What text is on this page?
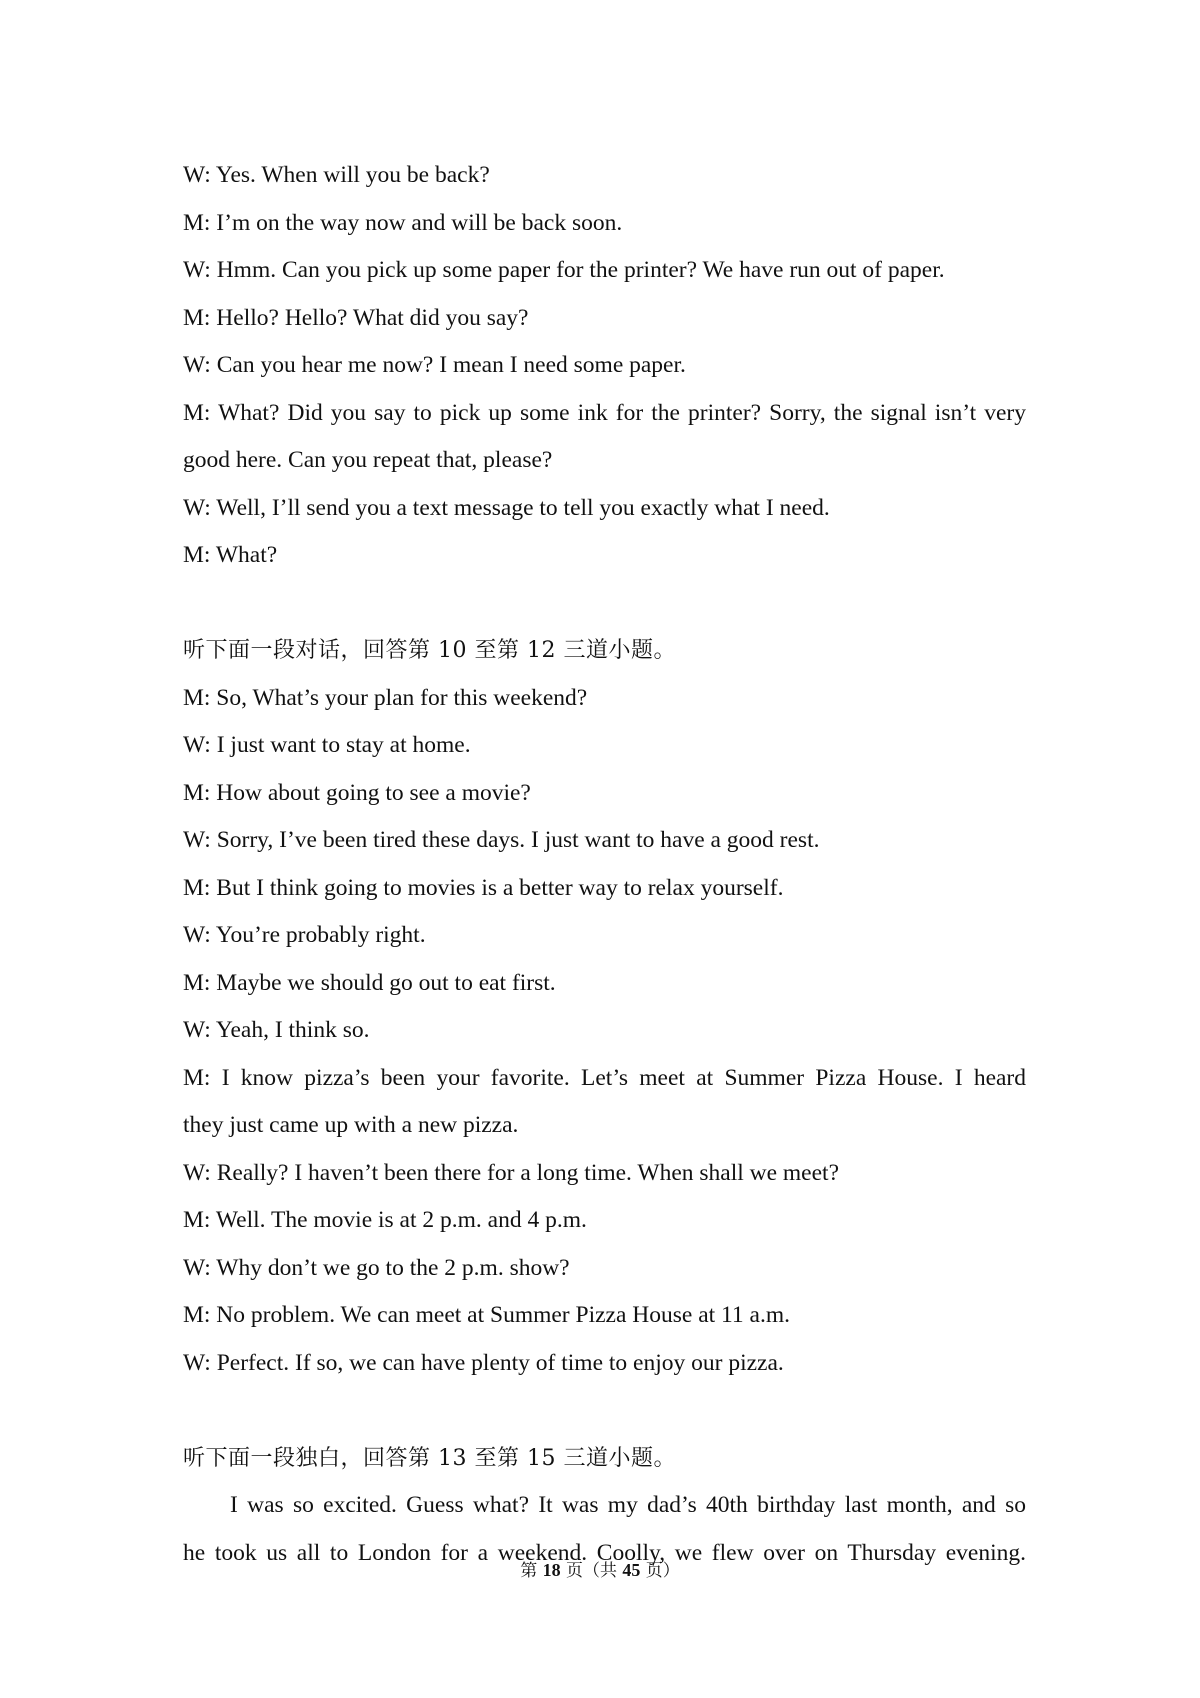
W: Yes. When will you be back?
M: I’m on the way now and will be back soon.
W: Hmm. Can you pick up some paper for the printer? We have run out of paper.
M: Hello? Hello? What did you say?
W: Can you hear me now? I mean I need some paper.
M: What? Did you say to pick up some ink for the printer? Sorry, the signal isn’t very
good here. Can you repeat that, please?
W: Well, I’ll send you a text message to tell you exactly what I need.
M: What?
听下面一段对话，回答第 10 至第 12 三道小题。
M: So, What’s your plan for this weekend?
W: I just want to stay at home.
M: How about going to see a movie?
W: Sorry, I’ve been tired these days. I just want to have a good rest.
M: But I think going to movies is a better way to relax yourself.
W: You’re probably right.
M: Maybe we should go out to eat first.
W: Yeah, I think so.
M: I know pizza’s been your favorite. Let’s meet at Summer Pizza House. I heard
they just came up with a new pizza.
W: Really? I haven’t been there for a long time. When shall we meet?
M: Well. The movie is at 2 p.m. and 4 p.m.
W: Why don’t we go to the 2 p.m. show?
M: No problem. We can meet at Summer Pizza House at 11 a.m.
W: Perfect. If so, we can have plenty of time to enjoy our pizza.
听下面一段独白，回答第 13 至第 15 三道小题。
I was so excited. Guess what? It was my dad’s 40th birthday last month, and so
he took us all to London for a weekend. Coolly, we flew over on Thursday evening.
第 18 页（共 45 页）
